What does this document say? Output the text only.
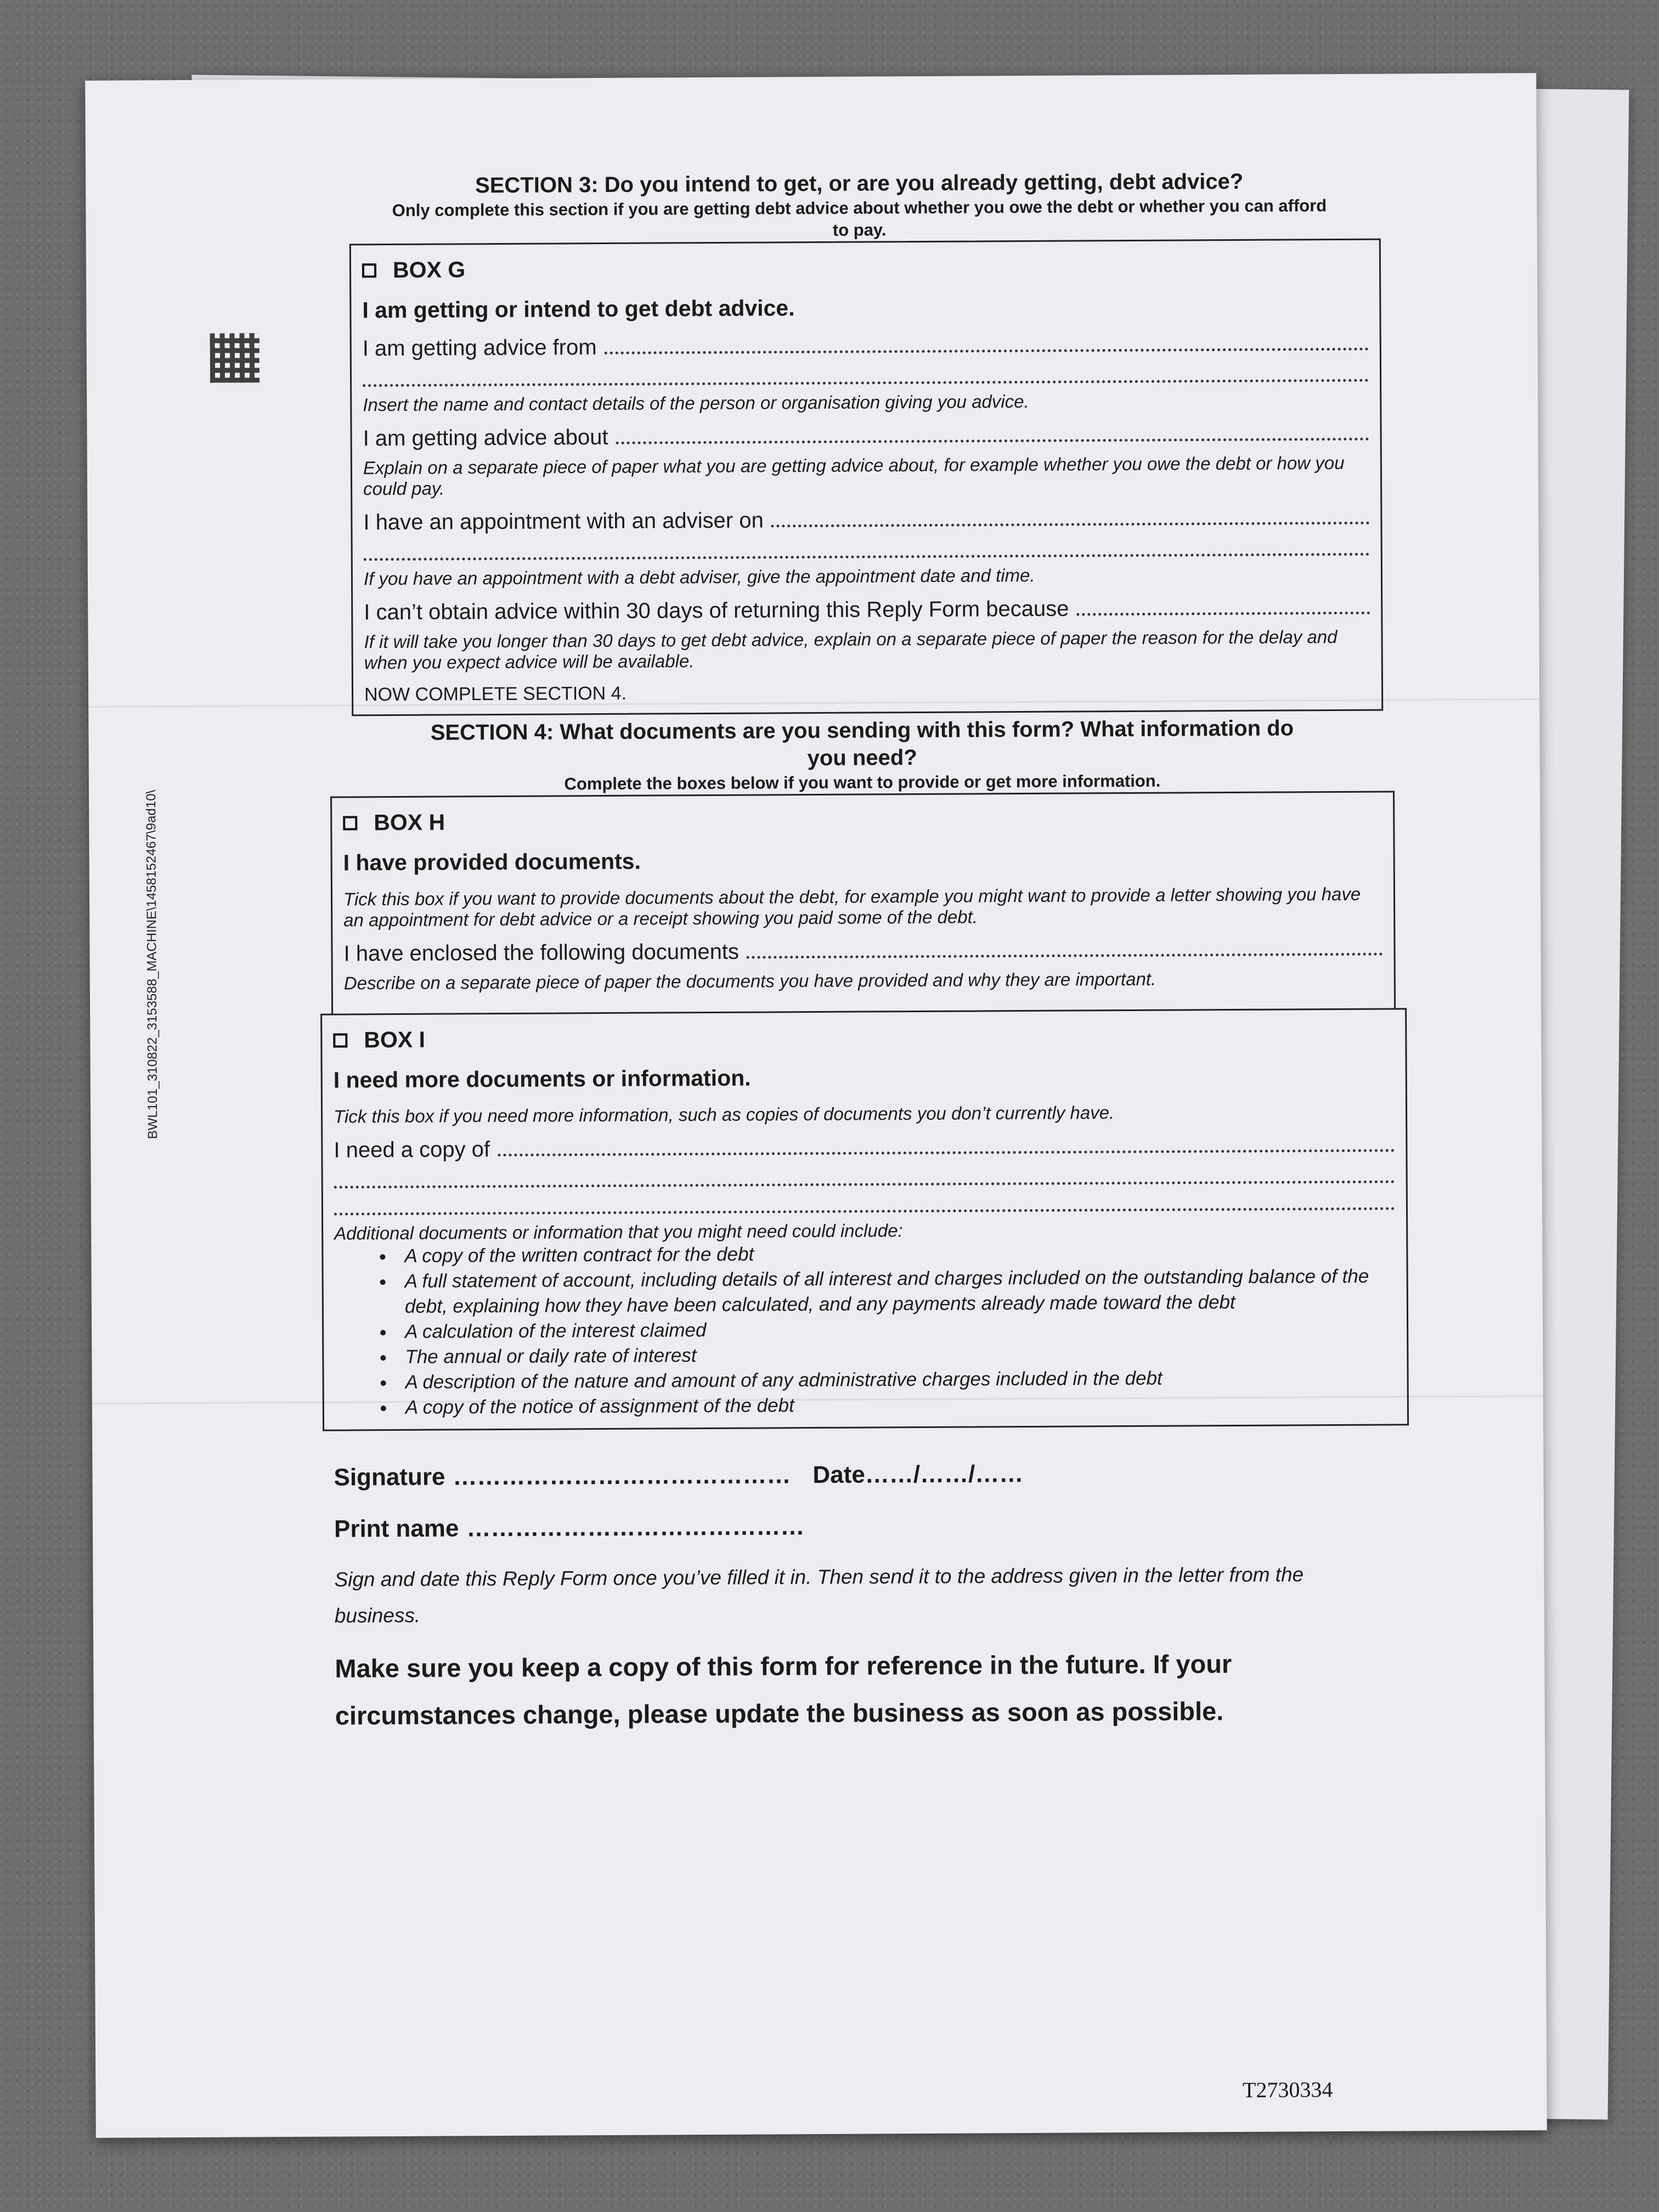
BWL101_310822_3153588_MACHINE\1458152467\9ad10\
SECTION 3: Do you intend to get, or are you already getting, debt advice?
Only complete this section if you are getting debt advice about whether you owe the debt or whether you can afford to pay.
BOX G
I am getting or intend to get debt advice.
I am getting advice from
Insert the name and contact details of the person or organisation giving you advice.
I am getting advice about
Explain on a separate piece of paper what you are getting advice about, for example whether you owe the debt or how you could pay.
I have an appointment with an adviser on
If you have an appointment with a debt adviser, give the appointment date and time.
I can’t obtain advice within 30 days of returning this Reply Form because
If it will take you longer than 30 days to get debt advice, explain on a separate piece of paper the reason for the delay and when you expect advice will be available.
NOW COMPLETE SECTION 4.
SECTION 4: What documents are you sending with this form? What information do you need?
Complete the boxes below if you want to provide or get more information.
BOX H
I have provided documents.
Tick this box if you want to provide documents about the debt, for example you might want to provide a letter showing you have an appointment for debt advice or a receipt showing you paid some of the debt.
I have enclosed the following documents
Describe on a separate piece of paper the documents you have provided and why they are important.
BOX I
I need more documents or information.
Tick this box if you need more information, such as copies of documents you don’t currently have.
I need a copy of
Additional documents or information that you might need could include:
• A copy of the written contract for the debt
• A full statement of account, including details of all interest and charges included on the outstanding balance of the debt, explaining how they have been calculated, and any payments already made toward the debt
• A calculation of the interest claimed
• The annual or daily rate of interest
• A description of the nature and amount of any administrative charges included in the debt
• A copy of the notice of assignment of the debt
Signature …………………………………… Date……/……/……
Print name ……………………………………
Sign and date this Reply Form once you’ve filled it in. Then send it to the address given in the letter from the business.
Make sure you keep a copy of this form for reference in the future. If your circumstances change, please update the business as soon as possible.
T2730334
